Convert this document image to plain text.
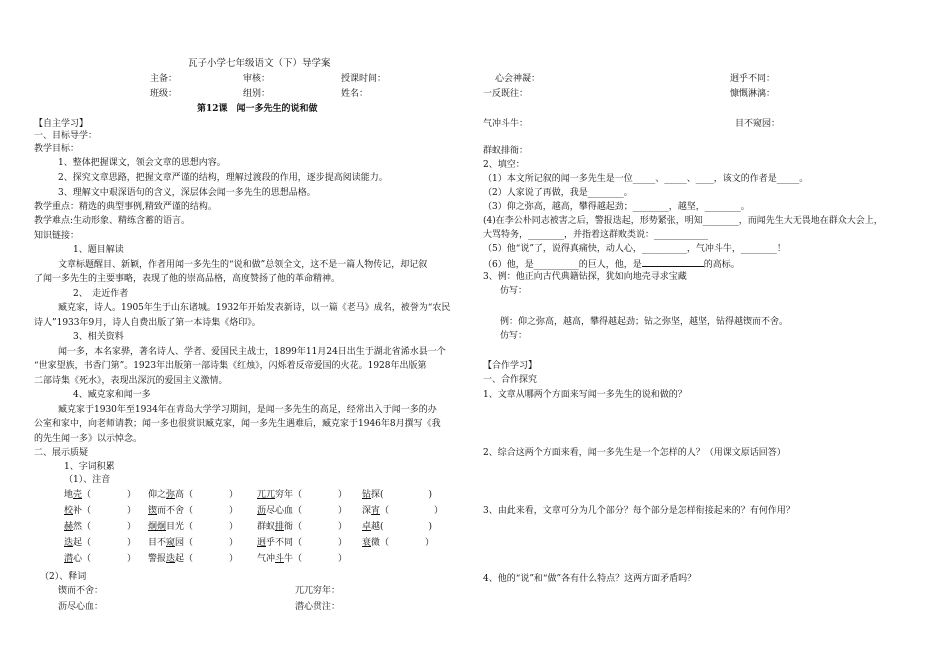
瓦子小学七年级语文（下）导学案
主备：	审核：	授课时间：
班级：	组别：	姓名：
第12课　闻一多先生的说和做
【自主学习】
一、目标导学：
教学目标：
1、整体把握课文，领会文章的思想内容。
2、探究文章思路，把握文章严谨的结构，理解过渡段的作用，逐步提高阅读能力。
3、理解文中艰深语句的含义，深层体会闻一多先生的思想品格。
教学重点：精选的典型事例,精致严谨的结构。
教学难点:生动形象、精练含蓄的语言。
知识链接：
1、题目解读
文章标题醒目、新颖，作者用闻一多先生的“说和做”总领全文，这不是一篇人物传记，却记叙
了闻一多先生的主要事略，表现了他的崇高品格，高度赞扬了他的革命精神。
2、　走近作者
臧克家，诗人。1905年生于山东诸城。1932年开始发表新诗，以一篇《老马》成名，被誉为“农民
诗人”1933年9月，诗人自费出版了第一本诗集《烙印》。
3、相关资料
闻一多，本名家骅，著名诗人、学者、爱国民主战士，1899年11月24日出生于湖北省浠水县一个
“世家望族，书香门第”。1923年出版第一部诗集《红烛》，闪烁着反帝爱国的火花。1928年出版第
二部诗集《死水》，表现出深沉的爱国主义激情。
4、臧克家和闻一多
臧克家于1930年至1934年在青岛大学学习期间，是闻一多先生的高足，经常出入于闻一多的办
公室和家中，向老师请教；闻一多也很赏识臧克家，闻一多先生遇难后，臧克家于1946年8月撰写《我
的先生闻一多》以示悼念。
二、展示质疑
1、字词积累
（1）、注音
地壳（　　　　） 仰之弥高（　　　　） 兀兀穷年（　　　　） 钻探(　　　　　)
校补（　　　　） 锲而不舍（　　　　） 沥尽心血（　　　　） 深宵（　　　　　）
赫然（　　　　） 炯炯目光（　　　　） 群蚁排衙（　　　　） 卓越(　　　　　)
迭起（　　　　） 目不窥园（　　　　） 迥乎不同（　　　　） 衰微（　　　　）
潜心（　　　　） 警报迭起（　　　　） 气冲斗牛（　　　　）
（2）、释词
锲而不舍：	兀兀穷年：
沥尽心血：	潜心贯注：
心会神凝：	迥乎不同：
一反既往：	慷慨淋漓：
气冲斗牛：	目不窥园：
群蚁排衙：
2、填空：
（1）本文所记叙的闻一多先生是一位_____、_____、____，该文的作者是_____。
（2）人家说了再做，我是________。
（3）仰之弥高，越高，攀得越起劲；________，越坚，________。
(4)在李公朴同志被害之后，警报迭起，形势紧张，明知________，而闻先生大无畏地在群众大会上，
大骂特务，________，并指着这群败类说：____________
（5）他“说”了，说得真痛快，动人心，__________，气冲斗牛，________！
（6）他，是__________的巨人，他，是	的高标。
3、例：他正向古代典籍钻探，犹如向地壳寻求宝藏
仿写：
例：仰之弥高，越高，攀得越起劲；钻之弥坚，越坚，钻得越锲而不舍。
仿写：
【合作学习】
一、合作探究
1、文章从哪两个方面来写闻一多先生的说和做的？
2、综合这两个方面来看，闻一多先生是一个怎样的人？（用课文原话回答）
3、由此来看，文章可分为几个部分？每个部分是怎样衔接起来的？有何作用？
4、他的“说”和“做”各有什么特点？这两方面矛盾吗？
